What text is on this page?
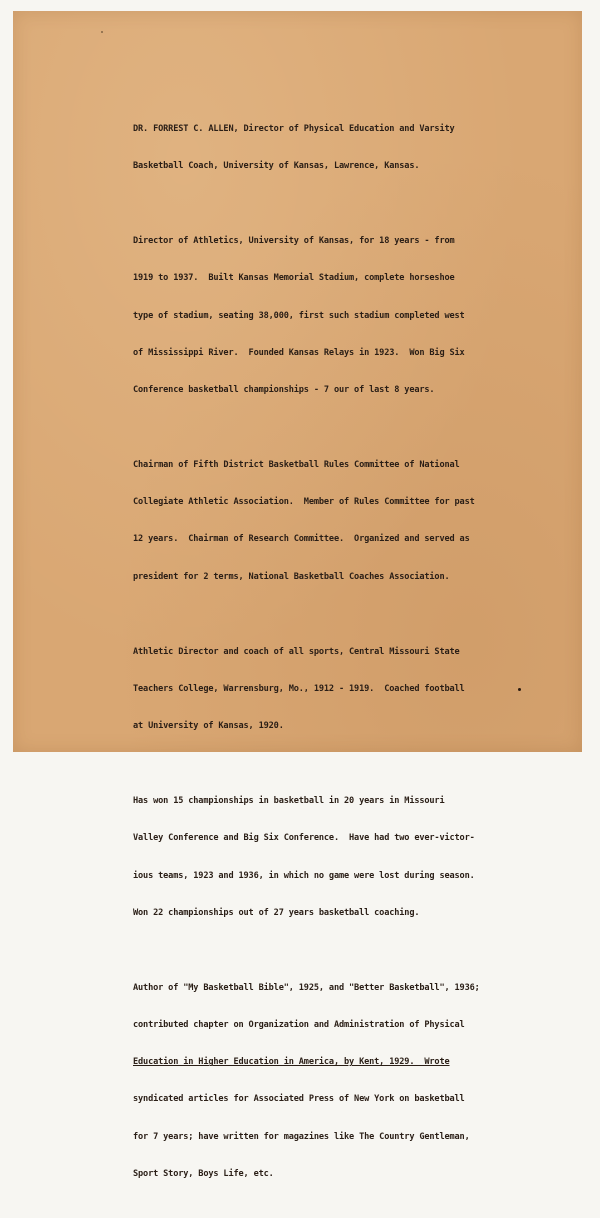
DR. FORREST C. ALLEN, Director of Physical Education and Varsity

Basketball Coach, University of Kansas, Lawrence, Kansas.

Director of Athletics, University of Kansas, for 18 years - from

1919 to 1937.  Built Kansas Memorial Stadium, complete horseshoe

type of stadium, seating 38,000, first such stadium completed west

of Mississippi River.  Founded Kansas Relays in 1923.  Won Big Six

Conference basketball championships - 7 our of last 8 years.

Chairman of Fifth District Basketball Rules Committee of National

Collegiate Athletic Association.  Member of Rules Committee for past

12 years.  Chairman of Research Committee.  Organized and served as

president for 2 terms, National Basketball Coaches Association.

Athletic Director and coach of all sports, Central Missouri State

Teachers College, Warrensburg, Mo., 1912 - 1919.  Coached football

at University of Kansas, 1920.

Has won 15 championships in basketball in 20 years in Missouri

Valley Conference and Big Six Conference.  Have had two ever-victor-

ious teams, 1923 and 1936, in which no game were lost during season.

Won 22 championships out of 27 years basketball coaching.

Author of "My Basketball Bible", 1925, and "Better Basketball", 1936;

contributed chapter on Organization and Administration of Physical

Education in Higher Education in America, by Kent, 1929.  Wrote

syndicated articles for Associated Press of New York on basketball

for 7 years; have written for magazines like The Country Gentleman,

Sport Story, Boys Life, etc.
